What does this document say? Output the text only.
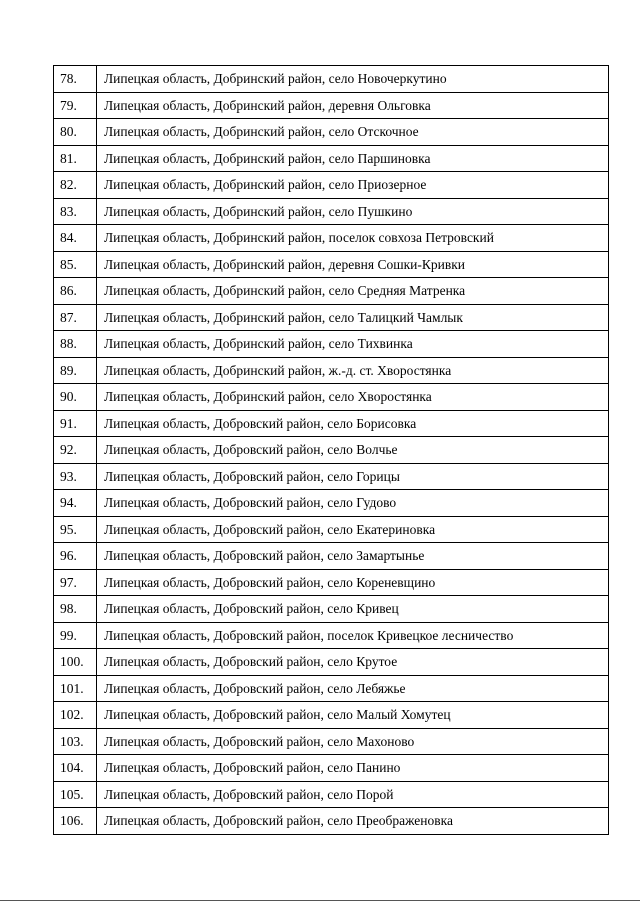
78.	Липецкая область, Добринский район, село Новочеркутино
79.	Липецкая область, Добринский район, деревня Ольговка
80.	Липецкая область, Добринский район, село Отскочное
81.	Липецкая область, Добринский район, село Паршиновка
82.	Липецкая область, Добринский район, село Приозерное
83.	Липецкая область, Добринский район, село Пушкино
84.	Липецкая область, Добринский район, поселок совхоза Петровский
85.	Липецкая область, Добринский район, деревня Сошки-Кривки
86.	Липецкая область, Добринский район, село Средняя Матренка
87.	Липецкая область, Добринский район, село Талицкий Чамлык
88.	Липецкая область, Добринский район, село Тихвинка
89.	Липецкая область, Добринский район, ж.-д. ст. Хворостянка
90.	Липецкая область, Добринский район, село Хворостянка
91.	Липецкая область, Добровский район, село Борисовка
92.	Липецкая область, Добровский район, село Волчье
93.	Липецкая область, Добровский район, село Горицы
94.	Липецкая область, Добровский район, село Гудово
95.	Липецкая область, Добровский район, село Екатериновка
96.	Липецкая область, Добровский район, село Замартынье
97.	Липецкая область, Добровский район, село Кореневщино
98.	Липецкая область, Добровский район, село Кривец
99.	Липецкая область, Добровский район, поселок Кривецкое лесничество
100.	Липецкая область, Добровский район, село Крутое
101.	Липецкая область, Добровский район, село Лебяжье
102.	Липецкая область, Добровский район, село Малый Хомутец
103.	Липецкая область, Добровский район, село Махоново
104.	Липецкая область, Добровский район, село Панино
105.	Липецкая область, Добровский район, село Порой
106.	Липецкая область, Добровский район, село Преображеновка
